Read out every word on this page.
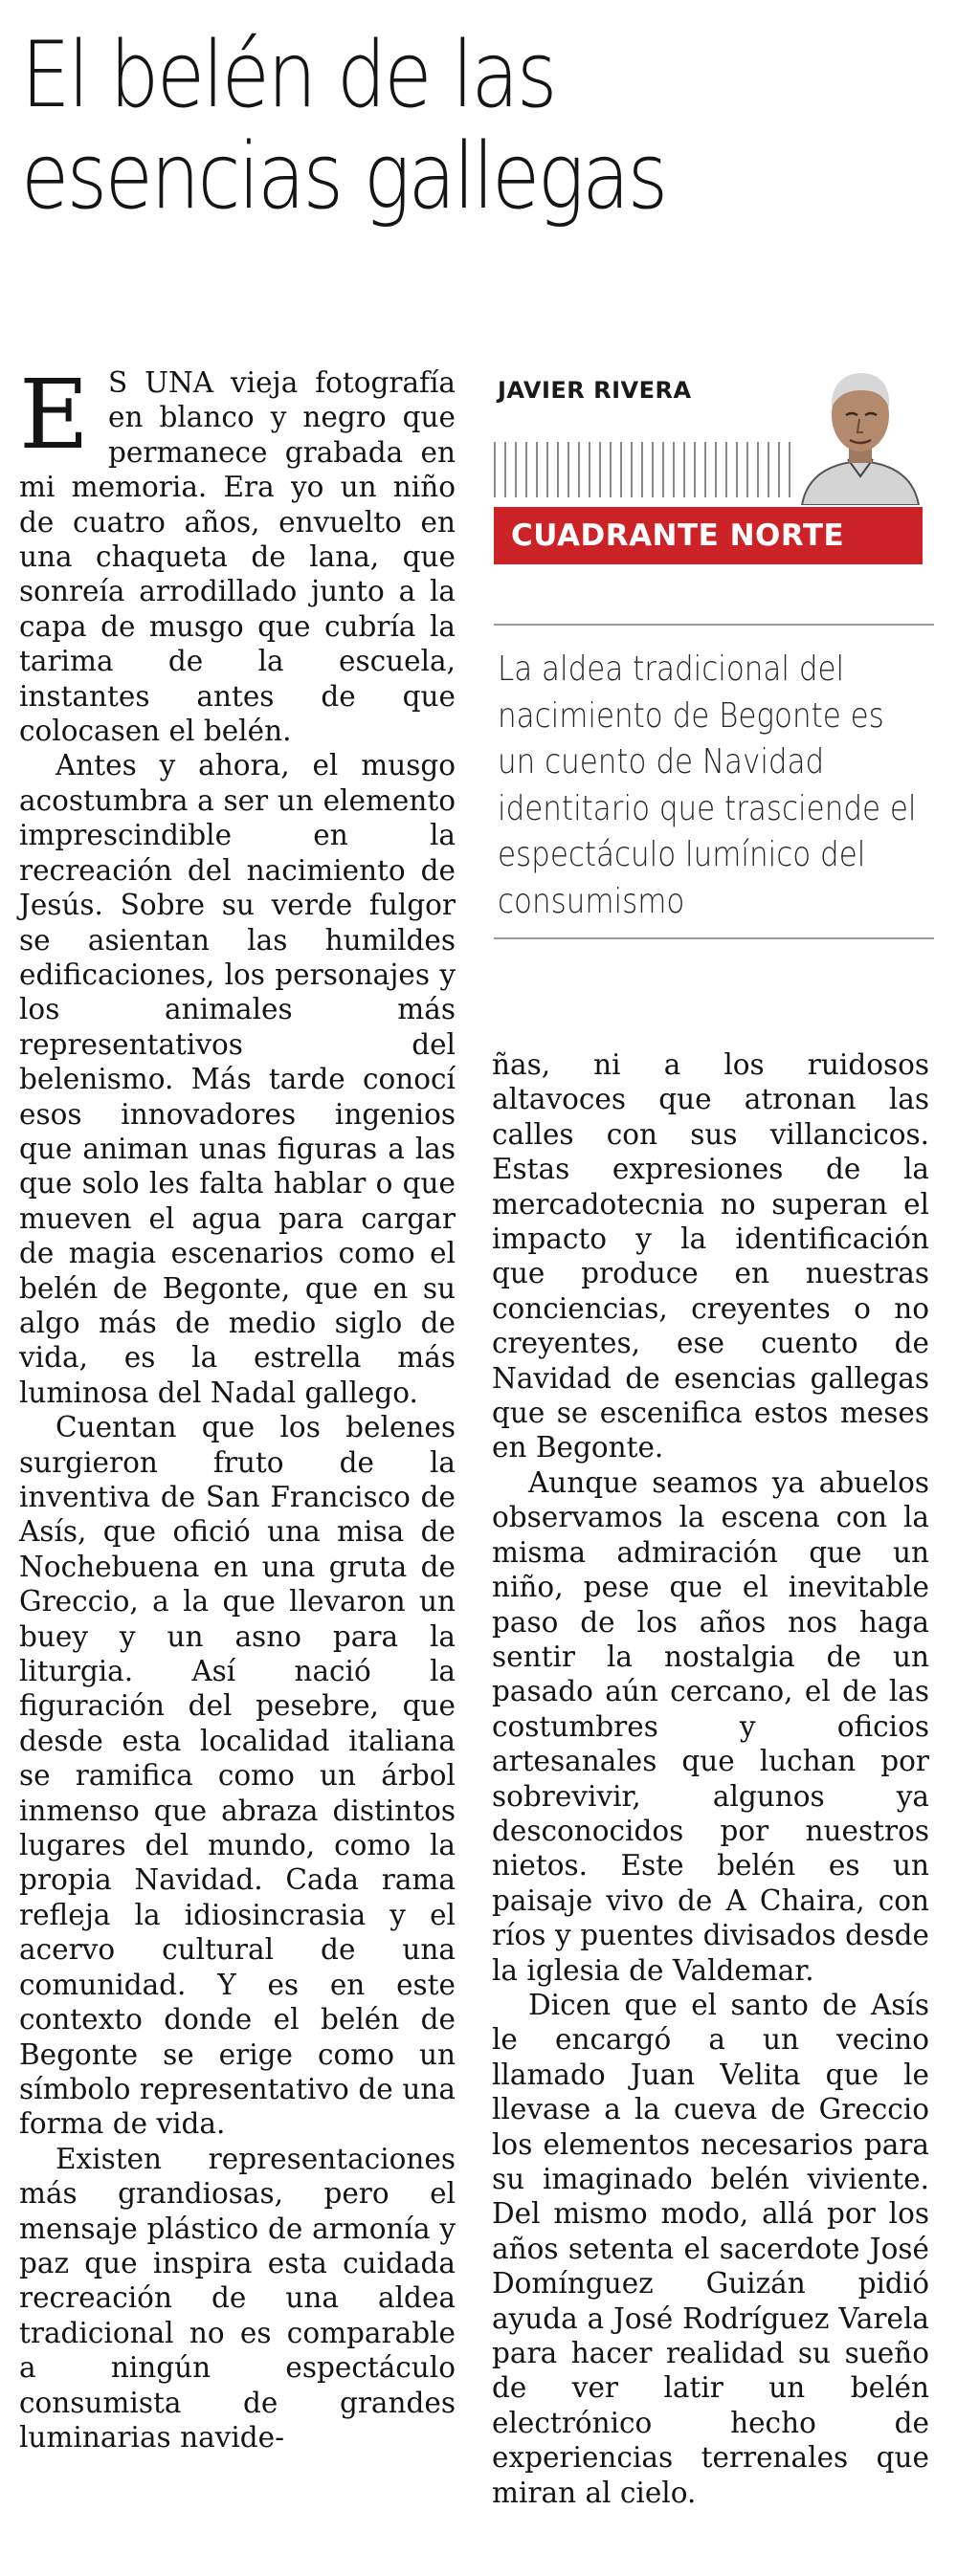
El belén de las
esencias gallegas

E S UNA vieja fotografía en blanco y negro que permanece grabada en mi memoria. Era yo un niño de cuatro años, envuelto en una chaqueta de lana, que sonreía arrodillado junto a la capa de musgo que cubría la tarima de la escuela, instantes antes de que colocasen el belén.

Antes y ahora, el musgo acostumbra a ser un elemento imprescindible en la recreación del nacimiento de Jesús. Sobre su verde fulgor se asientan las humildes edificaciones, los personajes y los animales más representativos del belenismo. Más tarde conocí esos innovadores ingenios que animan unas figuras a las que solo les falta hablar o que mueven el agua para cargar de magia escenarios como el belén de Begonte, que en su algo más de medio siglo de vida, es la estrella más luminosa del Nadal gallego.

Cuentan que los belenes surgieron fruto de la inventiva de San Francisco de Asís, que ofició una misa de Nochebuena en una gruta de Greccio, a la que llevaron un buey y un asno para la liturgia. Así nació la figuración del pesebre, que desde esta localidad italiana se ramifica como un árbol inmenso que abraza distintos lugares del mundo, como la propia Navidad. Cada rama refleja la idiosincrasia y el acervo cultural de una comunidad. Y es en este contexto donde el belén de Begonte se erige como un símbolo representativo de una forma de vida.

Existen representaciones más grandiosas, pero el mensaje plástico de armonía y paz que inspira esta cuidada recreación de una aldea tradicional no es comparable a ningún espectáculo consumista de grandes luminarias navide-

JAVIER RIVERA
CUADRANTE NORTE
La aldea tradicional del nacimiento de Begonte es un cuento de Navidad identitario que trasciende el espectáculo lumínico del consumismo

ñas, ni a los ruidosos altavoces que atronan las calles con sus villancicos. Estas expresiones de la mercadotecnia no superan el impacto y la identificación que produce en nuestras conciencias, creyentes o no creyentes, ese cuento de Navidad de esencias gallegas que se escenifica estos meses en Begonte.

Aunque seamos ya abuelos observamos la escena con la misma admiración que un niño, pese que el inevitable paso de los años nos haga sentir la nostalgia de un pasado aún cercano, el de las costumbres y oficios artesanales que luchan por sobrevivir, algunos ya desconocidos por nuestros nietos. Este belén es un paisaje vivo de A Chaira, con ríos y puentes divisados desde la iglesia de Valdemar.

Dicen que el santo de Asís le encargó a un vecino llamado Juan Velita que le llevase a la cueva de Greccio los elementos necesarios para su imaginado belén viviente. Del mismo modo, allá por los años setenta el sacerdote José Domínguez Guizán pidió ayuda a José Rodríguez Varela para hacer realidad su sueño de ver latir un belén electrónico hecho de experiencias terrenales que miran al cielo.
